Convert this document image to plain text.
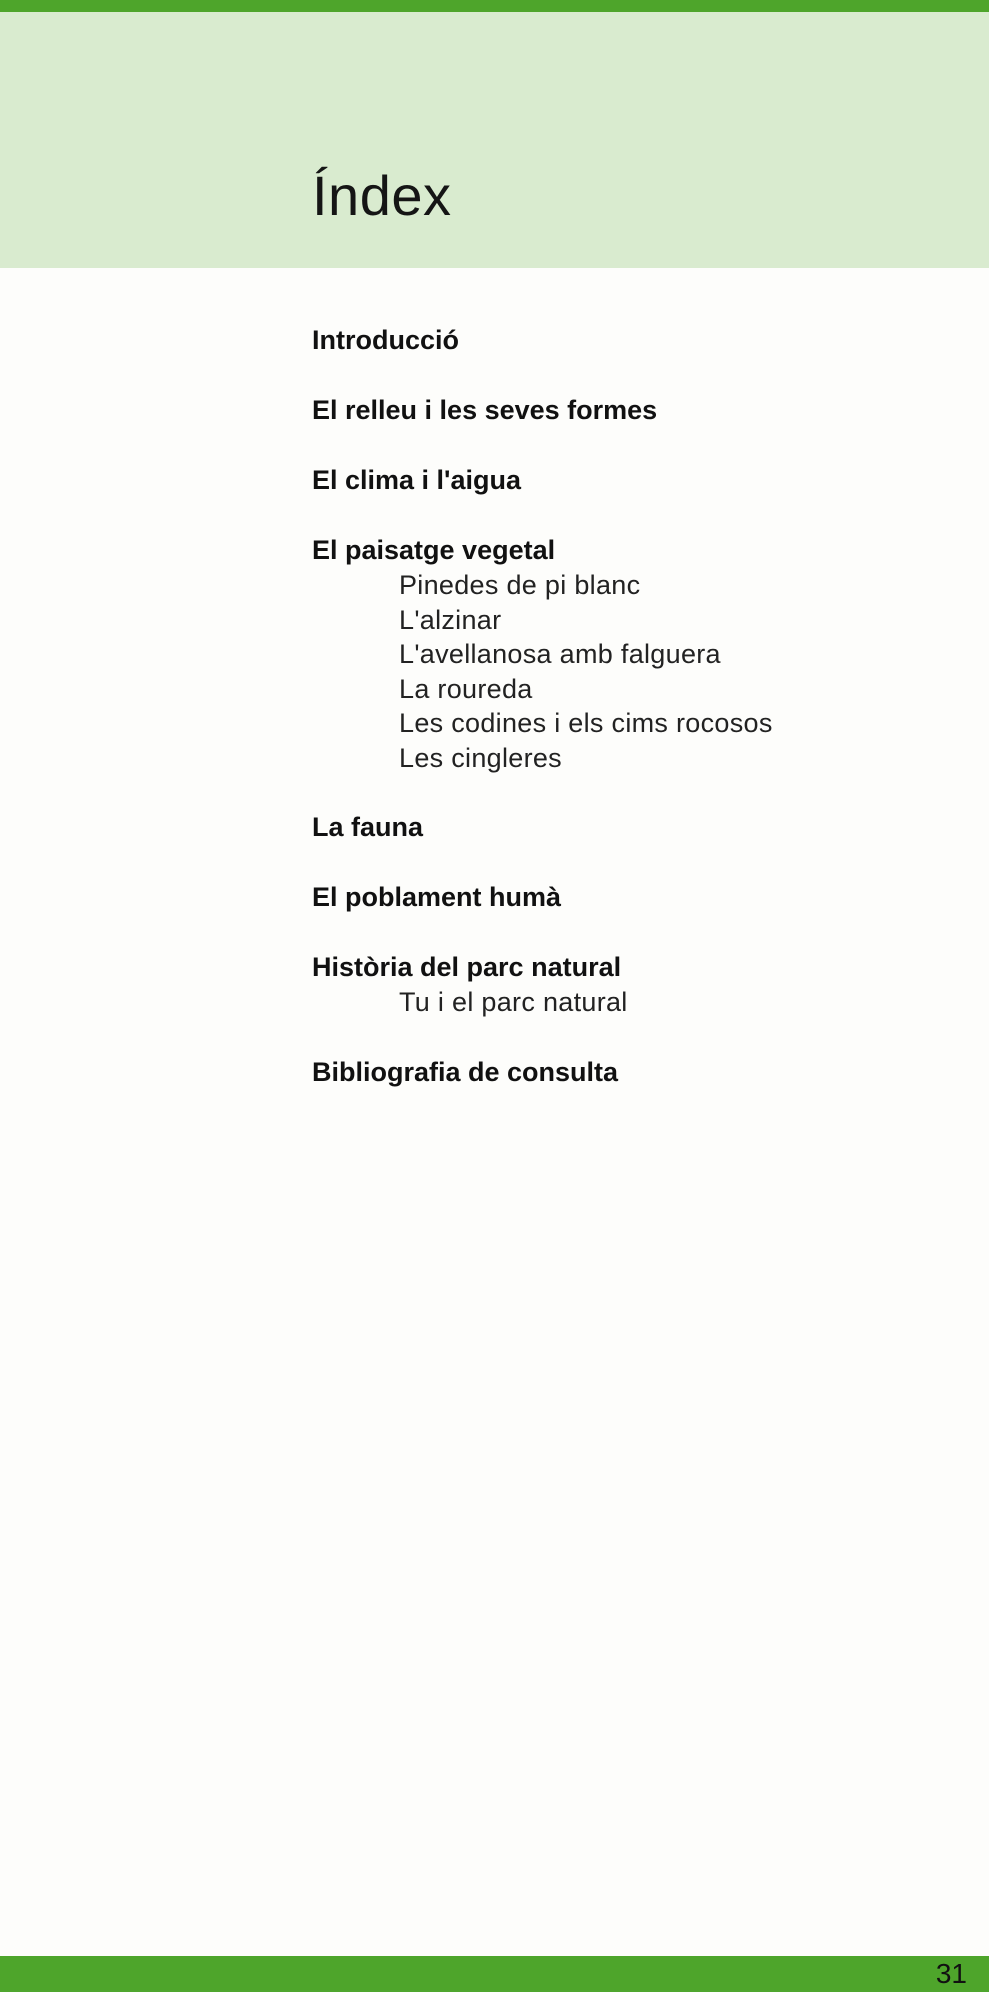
Índex
Introducció
El relleu i les seves formes
El clima i l'aigua
El paisatge vegetal
Pinedes de pi blanc
L'alzinar
L'avellanosa amb falguera
La roureda
Les codines i els cims rocosos
Les cingleres
La fauna
El poblament humà
Història del parc natural
Tu i el parc natural
Bibliografia de consulta
31
